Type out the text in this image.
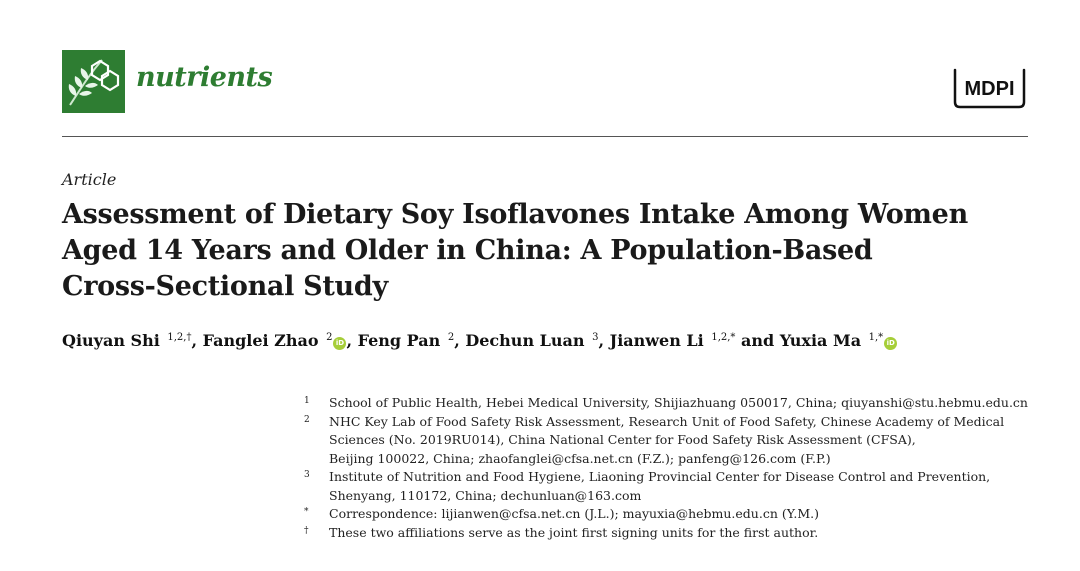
nutrients	MDPI
Article
Assessment of Dietary Soy Isoflavones Intake Among Women
Aged 14 Years and Older in China: A Population-Based
Cross-Sectional Study
Qiuyan Shi $^{1,2,\dagger}$, Fanglei Zhao $^2$ iD , Feng Pan $^2$, Dechun Luan $^3$, Jianwen Li $^{1,2,*}$ and Yuxia Ma $^{1,*}$ iD
1	School of Public Health, Hebei Medical University, Shijiazhuang 050017, China; qiuyanshi@stu.hebmu.edu.cn
2	NHC Key Lab of Food Safety Risk Assessment, Research Unit of Food Safety, Chinese Academy of Medical
Sciences (No. 2019RU014), China National Center for Food Safety Risk Assessment (CFSA),
Beijing 100022, China; zhaofanglei@cfsa.net.cn (F.Z.); panfeng@126.com (F.P.)
3	Institute of Nutrition and Food Hygiene, Liaoning Provincial Center for Disease Control and Prevention,
Shenyang, 110172, China; dechunluan@163.com
*	Correspondence: lijianwen@cfsa.net.cn (J.L.); mayuxia@hebmu.edu.cn (Y.M.)
†	These two affiliations serve as the joint first signing units for the first author.
